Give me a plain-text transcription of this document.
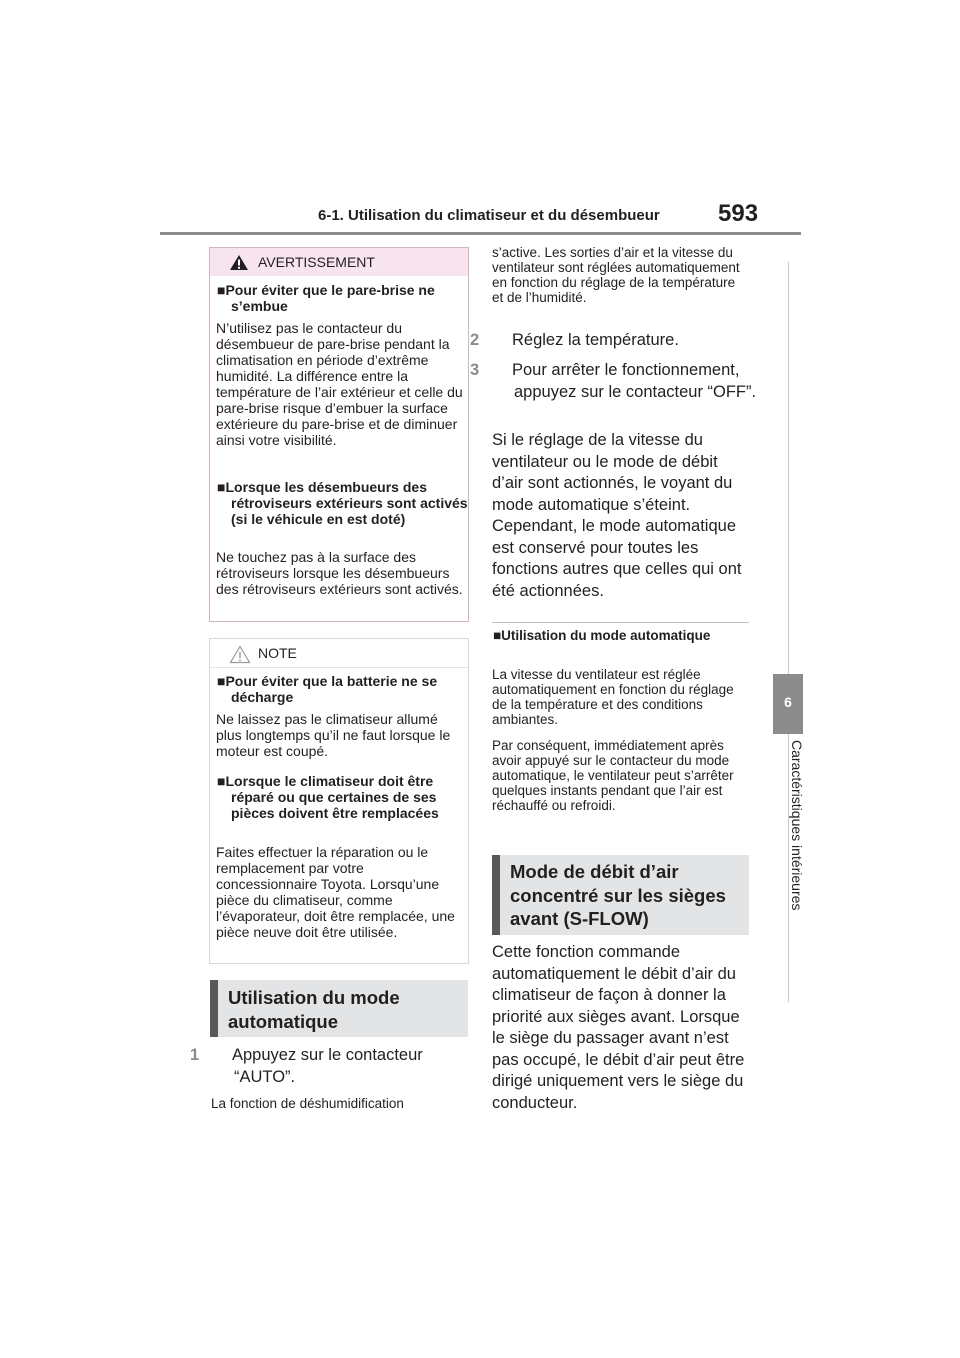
6-1. Utilisation du climatiseur et du désembueur 593
6
Caractéristiques intérieures
AVERTISSEMENT
■Pour éviter que le pare-brise ne s’embue
N’utilisez pas le contacteur du désembueur de pare-brise pendant la climatisation en période d’extrême humidité. La différence entre la température de l’air extérieur et celle du pare-brise risque d’embuer la surface extérieure du pare-brise et de diminuer ainsi votre visibilité.
■Lorsque les désembueurs des rétroviseurs extérieurs sont activés (si le véhicule en est doté)
Ne touchez pas à la surface des rétroviseurs lorsque les désembueurs des rétroviseurs extérieurs sont activés.
NOTE
■Pour éviter que la batterie ne se décharge
Ne laissez pas le climatiseur allumé plus longtemps qu’il ne faut lorsque le moteur est coupé.
■Lorsque le climatiseur doit être réparé ou que certaines de ses pièces doivent être remplacées
Faites effectuer la réparation ou le remplacement par votre concessionnaire Toyota. Lorsqu’une pièce du climatiseur, comme l’évaporateur, doit être remplacée, une pièce neuve doit être utilisée.
Utilisation du mode automatique
1 Appuyez sur le contacteur “AUTO”.
La fonction de déshumidification
s’active. Les sorties d’air et la vitesse du ventilateur sont réglées automatiquement en fonction du réglage de la température et de l’humidité.
2 Réglez la température.
3 Pour arrêter le fonctionnement, appuyez sur le contacteur “OFF”.
Si le réglage de la vitesse du ventilateur ou le mode de débit d’air sont actionnés, le voyant du mode automatique s’éteint. Cependant, le mode automatique est conservé pour toutes les fonctions autres que celles qui ont été actionnées.
■Utilisation du mode automatique
La vitesse du ventilateur est réglée automatiquement en fonction du réglage de la température et des conditions ambiantes.
Par conséquent, immédiatement après avoir appuyé sur le contacteur du mode automatique, le ventilateur peut s’arrêter quelques instants pendant que l’air est réchauffé ou refroidi.
Mode de débit d’air concentré sur les sièges avant (S-FLOW)
Cette fonction commande automatiquement le débit d’air du climatiseur de façon à donner la priorité aux sièges avant. Lorsque le siège du passager avant n’est pas occupé, le débit d’air peut être dirigé uniquement vers le siège du conducteur.
